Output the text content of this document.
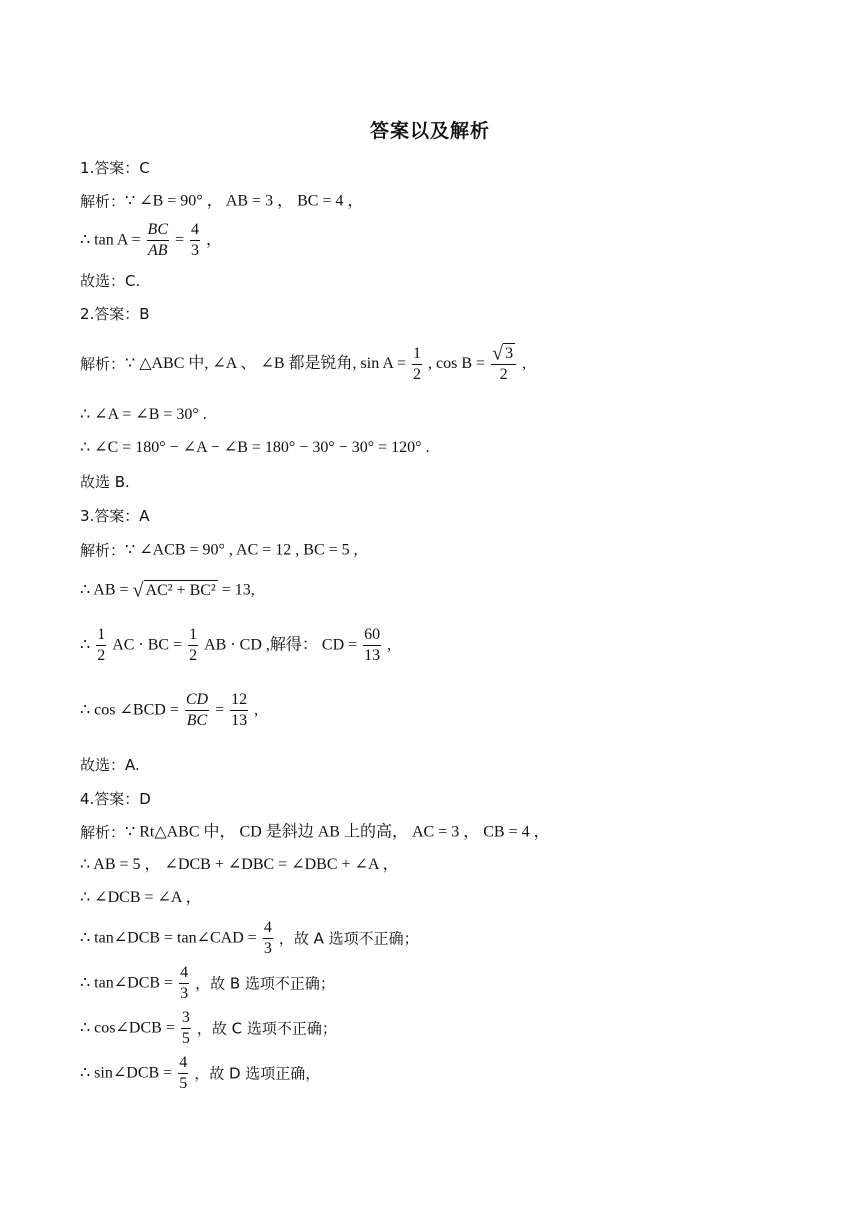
答案以及解析
1.答案：C
解析：∵ ∠B = 90° ， AB = 3 ， BC = 4 ，
∴ $\tan A = \frac{BC}{AB} = \frac{4}{3}$ ，
故选：C.
2.答案：B
解析：∵ △ABC 中, ∠A 、 ∠B 都是锐角, $\sin A = \frac{1}{2}$ , $\cos B = \frac{√ 3}{2}$ ,
∴ ∠A = ∠B = 30° .
∴ ∠C = 180° − ∠A − ∠B = 180° − 30° − 30° = 120° .
故选 B.
3.答案：A
解析：∵ ∠ACB = 90° , AC = 12 , BC = 5 ,
∴ AB = √ AC² + BC² = 13,
∴ $\frac{1}{2}$ AC · BC = $\frac{1}{2}$ AB · CD ,解得： CD = $\frac{60}{13}$ ,
∴ cos ∠BCD = $\frac{CD}{BC} = \frac{12}{13}$ ,
故选：A.
4.答案：D
解析：∵ Rt△ABC 中， CD 是斜边 AB 上的高， AC = 3 ， CB = 4 ，
∴ AB = 5 ， ∠DCB + ∠DBC = ∠DBC + ∠A ，
∴ ∠DCB = ∠A ，
∴ tan∠DCB = tan∠CAD = $\frac{4}{3}$ ，故 A 选项不正确；
∴ tan∠DCB = $\frac{4}{3}$ ，故 B 选项不正确；
∴ cos∠DCB = $\frac{3}{5}$ ，故 C 选项不正确；
∴ sin∠DCB = $\frac{4}{5}$ ，故 D 选项正确，
